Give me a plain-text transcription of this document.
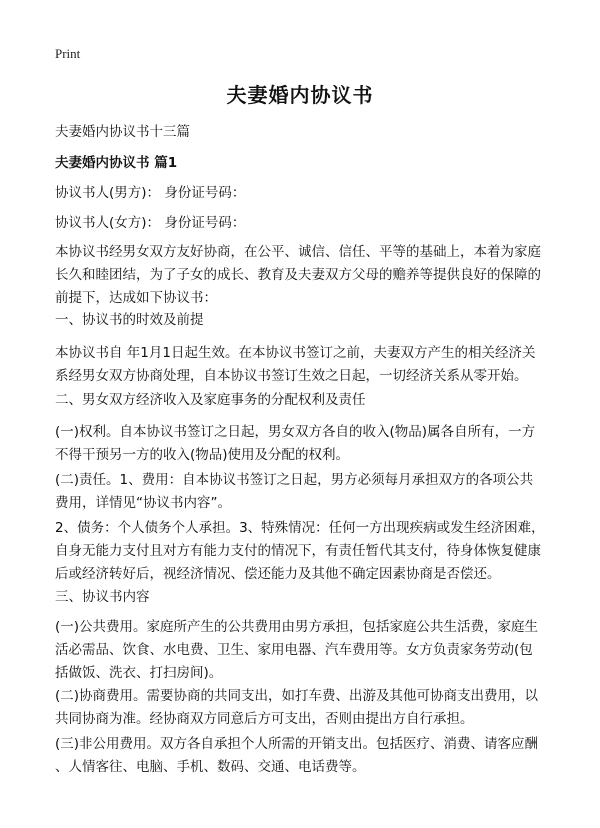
Print
夫妻婚内协议书

夫妻婚内协议书十三篇

夫妻婚内协议书 篇1

协议书人(男方)： 身份证号码：

协议书人(女方)： 身份证号码：

本协议书经男女双方友好协商，在公平、诚信、信任、平等的基础上，本着为家庭
长久和睦团结，为了子女的成长、教育及夫妻双方父母的赡养等提供良好的保障的
前提下，达成如下协议书：

一、协议书的时效及前提

本协议书自 年1月1日起生效。在本协议书签订之前，夫妻双方产生的相关经济关
系经男女双方协商处理，自本协议书签订生效之日起，一切经济关系从零开始。

二、男女双方经济收入及家庭事务的分配权利及责任

(一)权利。自本协议书签订之日起，男女双方各自的收入(物品)属各自所有，一方
不得干预另一方的收入(物品)使用及分配的权利。

(二)责任。1、费用：自本协议书签订之日起，男方必须每月承担双方的各项公共
费用，详情见“协议书内容”。

2、债务：个人债务个人承担。3、特殊情况：任何一方出现疾病或发生经济困难，
自身无能力支付且对方有能力支付的情况下，有责任暂代其支付，待身体恢复健康
后或经济转好后，视经济情况、偿还能力及其他不确定因素协商是否偿还。

三、协议书内容

(一)公共费用。家庭所产生的公共费用由男方承担，包括家庭公共生活费，家庭生
活必需品、饮食、水电费、卫生、家用电器、汽车费用等。女方负责家务劳动(包
括做饭、洗衣、打扫房间)。

(二)协商费用。需要协商的共同支出，如打车费、出游及其他可协商支出费用，以
共同协商为准。经协商双方同意后方可支出，否则由提出方自行承担。

(三)非公用费用。双方各自承担个人所需的开销支出。包括医疗、消费、请客应酬
、人情客往、电脑、手机、数码、交通、电话费等。
